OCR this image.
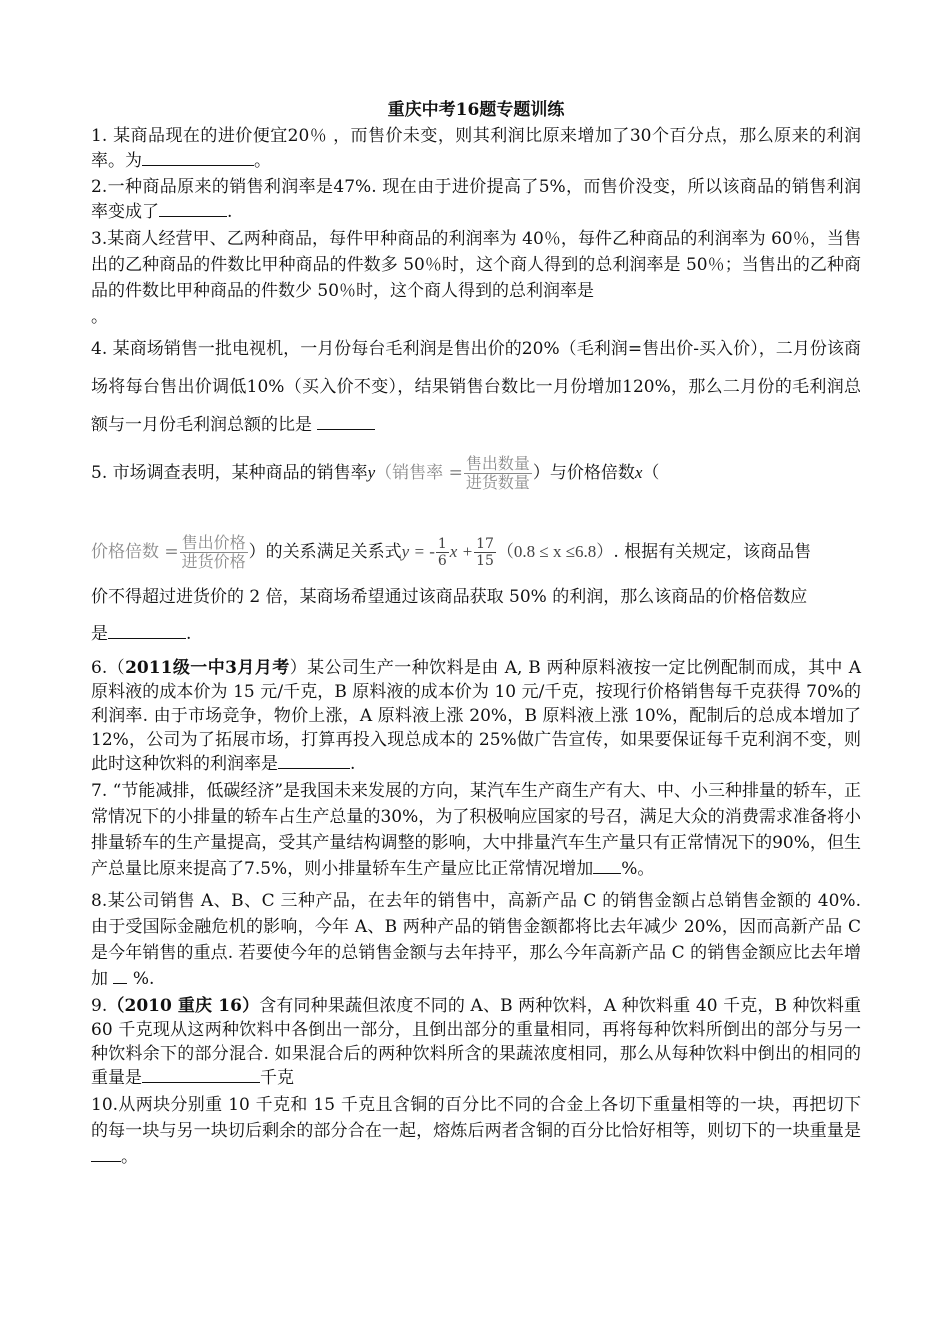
重庆中考16题专题训练

1. 某商品现在的进价便宜20％ ，而售价未变，则其利润比原来增加了30个百分点，那么原来的利润率。为	。

2.一种商品原来的销售利润率是47%. 现在由于进价提高了5%，而售价没变，所以该商品的销售利润率变成了	.

3.某商人经营甲、乙两种商品，每件甲种商品的利润率为 40％，每件乙种商品的利润率为 60％，当售出的乙种商品的件数比甲种商品的件数多 50％时，这个商人得到的总利润率是 50％；当售出的乙种商品的件数比甲种商品的件数少 50％时，这个商人得到的总利润率是
。

4. 某商场销售一批电视机，一月份每台毛利润是售出价的20%（毛利润=售出价-买入价），二月份该商场将每台售出价调低10%（买入价不变），结果销售台数比一月份增加120%，那么二月份的毛利润总额与一月份毛利润总额的比是

5. 市场调查表明，某种商品的销售率y（销售率 = $\frac{\text{售出数量}}{\text{进货数量}}$ ）与价格倍数x（
价格倍数 = $\frac{\text{售出价格}}{\text{进货价格}}$ ）的关系满足关系式y = - $\frac{1}{6}$ $x + \frac{17}{15} (0.8 \le x \le 6.8)$. 根据有关规定，该商品售

价不得超过进货价的 2 倍，某商场希望通过该商品获取 50% 的利润，那么该商品的价格倍数应

是	.

6.（2011级一中3月月考）某公司生产一种饮料是由 A, B 两种原料液按一定比例配制而成，其中 A 原料液的成本价为 15 元/千克，B 原料液的成本价为 10 元/千克，按现行价格销售每千克获得 70%的利润率. 由于市场竞争，物价上涨，A 原料液上涨 20%，B 原料液上涨 10%，配制后的总成本增加了 12%，公司为了拓展市场，打算再投入现总成本的 25%做广告宣传，如果要保证每千克利润不变，则此时这种饮料的利润率是	.

7. “节能减排，低碳经济”是我国未来发展的方向，某汽车生产商生产有大、中、小三种排量的轿车，正常情况下的小排量的轿车占生产总量的30%，为了积极响应国家的号召，满足大众的消费需求准备将小排量轿车的生产量提高，受其产量结构调整的影响，大中排量汽车生产量只有正常情况下的90%，但生产总量比原来提高了7.5%，则小排量轿车生产量应比正常情况增加 %。

8.某公司销售 A、B、C 三种产品，在去年的销售中，高新产品 C 的销售金额占总销售金额的 40%. 由于受国际金融危机的影响，今年 A、B 两种产品的销售金额都将比去年减少 20%，因而高新产品 C 是今年销售的重点. 若要使今年的总销售金额与去年持平，那么今年高新产品 C 的销售金额应比去年增加 %.

9.（2010 重庆 16）含有同种果蔬但浓度不同的 A、B 两种饮料，A 种饮料重 40 千克，B 种饮料重 60 千克现从这两种饮料中各倒出一部分，且倒出部分的重量相同，再将每种饮料所倒出的部分与另一种饮料余下的部分混合. 如果混合后的两种饮料所含的果蔬浓度相同，那么从每种饮料中倒出的相同的重量是	千克

10.从两块分别重 10 千克和 15 千克且含铜的百分比不同的合金上各切下重量相等的一块，再把切下的每一块与另一块切后剩余的部分合在一起，熔炼后两者含铜的百分比恰好相等，则切下的一块重量是。
